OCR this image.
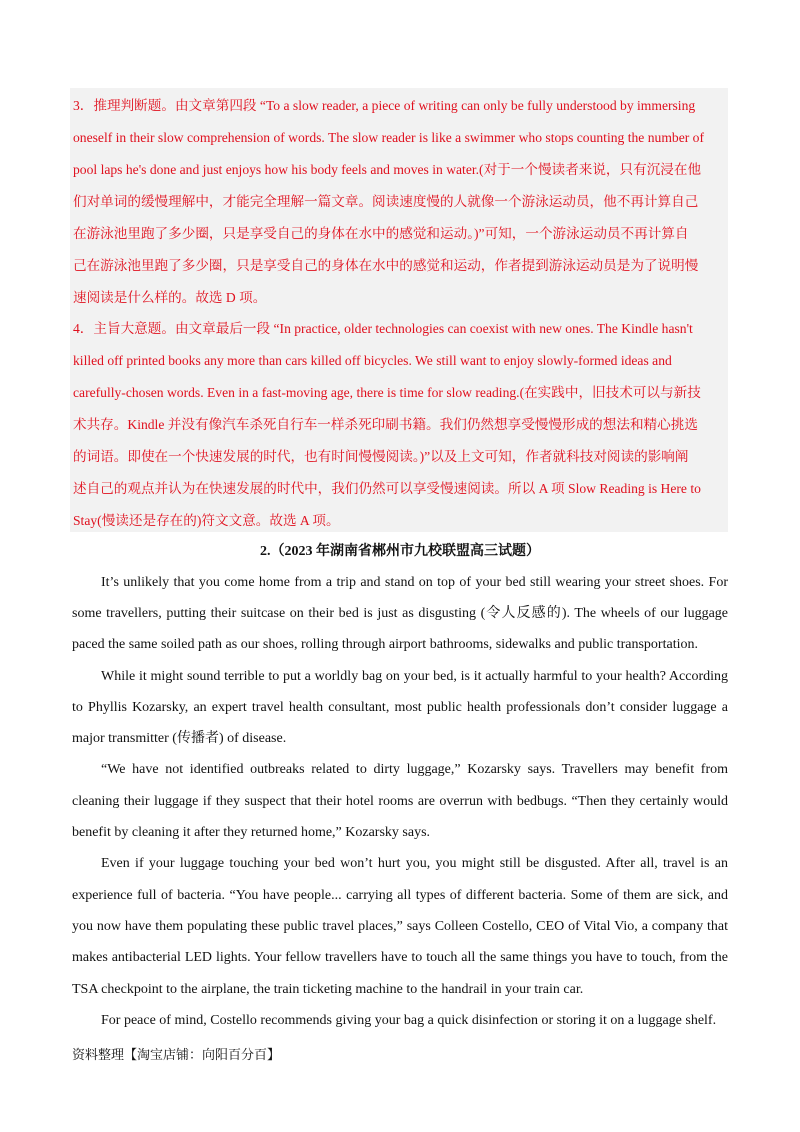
3．推理判断题。由文章第四段 “To a slow reader, a piece of writing can only be fully understood by immersing
oneself in their slow comprehension of words. The slow reader is like a swimmer who stops counting the number of
pool laps he's done and just enjoys how his body feels and moves in water.(对于一个慢读者来说，只有沉浸在他
们对单词的缓慢理解中，才能完全理解一篇文章。阅读速度慢的人就像一个游泳运动员，他不再计算自己
在游泳池里跑了多少圈，只是享受自己的身体在水中的感觉和运动。)”可知，一个游泳运动员不再计算自
己在游泳池里跑了多少圈，只是享受自己的身体在水中的感觉和运动，作者提到游泳运动员是为了说明慢
速阅读是什么样的。故选 D 项。
4．主旨大意题。由文章最后一段 “In practice, older technologies can coexist with new ones. The Kindle hasn't
killed off printed books any more than cars killed off bicycles. We still want to enjoy slowly-formed ideas and
carefully-chosen words. Even in a fast-moving age, there is time for slow reading.(在实践中，旧技术可以与新技
术共存。Kindle 并没有像汽车杀死自行车一样杀死印刷书籍。我们仍然想享受慢慢形成的想法和精心挑选
的词语。即使在一个快速发展的时代，也有时间慢慢阅读。)”以及上文可知，作者就科技对阅读的影响阐
述自己的观点并认为在快速发展的时代中，我们仍然可以享受慢速阅读。所以 A 项 Slow Reading is Here to
Stay(慢读还是存在的)符文文意。故选 A 项。
2.（2023 年湖南省郴州市九校联盟高三试题）
It’s unlikely that you come home from a trip and stand on top of your bed still wearing your street shoes. For
some travellers, putting their suitcase on their bed is just as disgusting (令人反感的). The wheels of our luggage
paced the same soiled path as our shoes, rolling through airport bathrooms, sidewalks and public transportation.
While it might sound terrible to put a worldly bag on your bed, is it actually harmful to your health? According
to Phyllis Kozarsky, an expert travel health consultant, most public health professionals don’t consider luggage a
major transmitter (传播者) of disease.
“We have not identified outbreaks related to dirty luggage,” Kozarsky says. Travellers may benefit from
cleaning their luggage if they suspect that their hotel rooms are overrun with bedbugs. “Then they certainly would
benefit by cleaning it after they returned home,” Kozarsky says.
Even if your luggage touching your bed won’t hurt you, you might still be disgusted. After all, travel is an
experience full of bacteria. “You have people... carrying all types of different bacteria. Some of them are sick, and
you now have them populating these public travel places,” says Colleen Costello, CEO of Vital Vio, a company that
makes antibacterial LED lights. Your fellow travellers have to touch all the same things you have to touch, from the
TSA checkpoint to the airplane, the train ticketing machine to the handrail in your train car.
For peace of mind, Costello recommends giving your bag a quick disinfection or storing it on a luggage shelf.
资料整理【淘宝店铺：向阳百分百】
